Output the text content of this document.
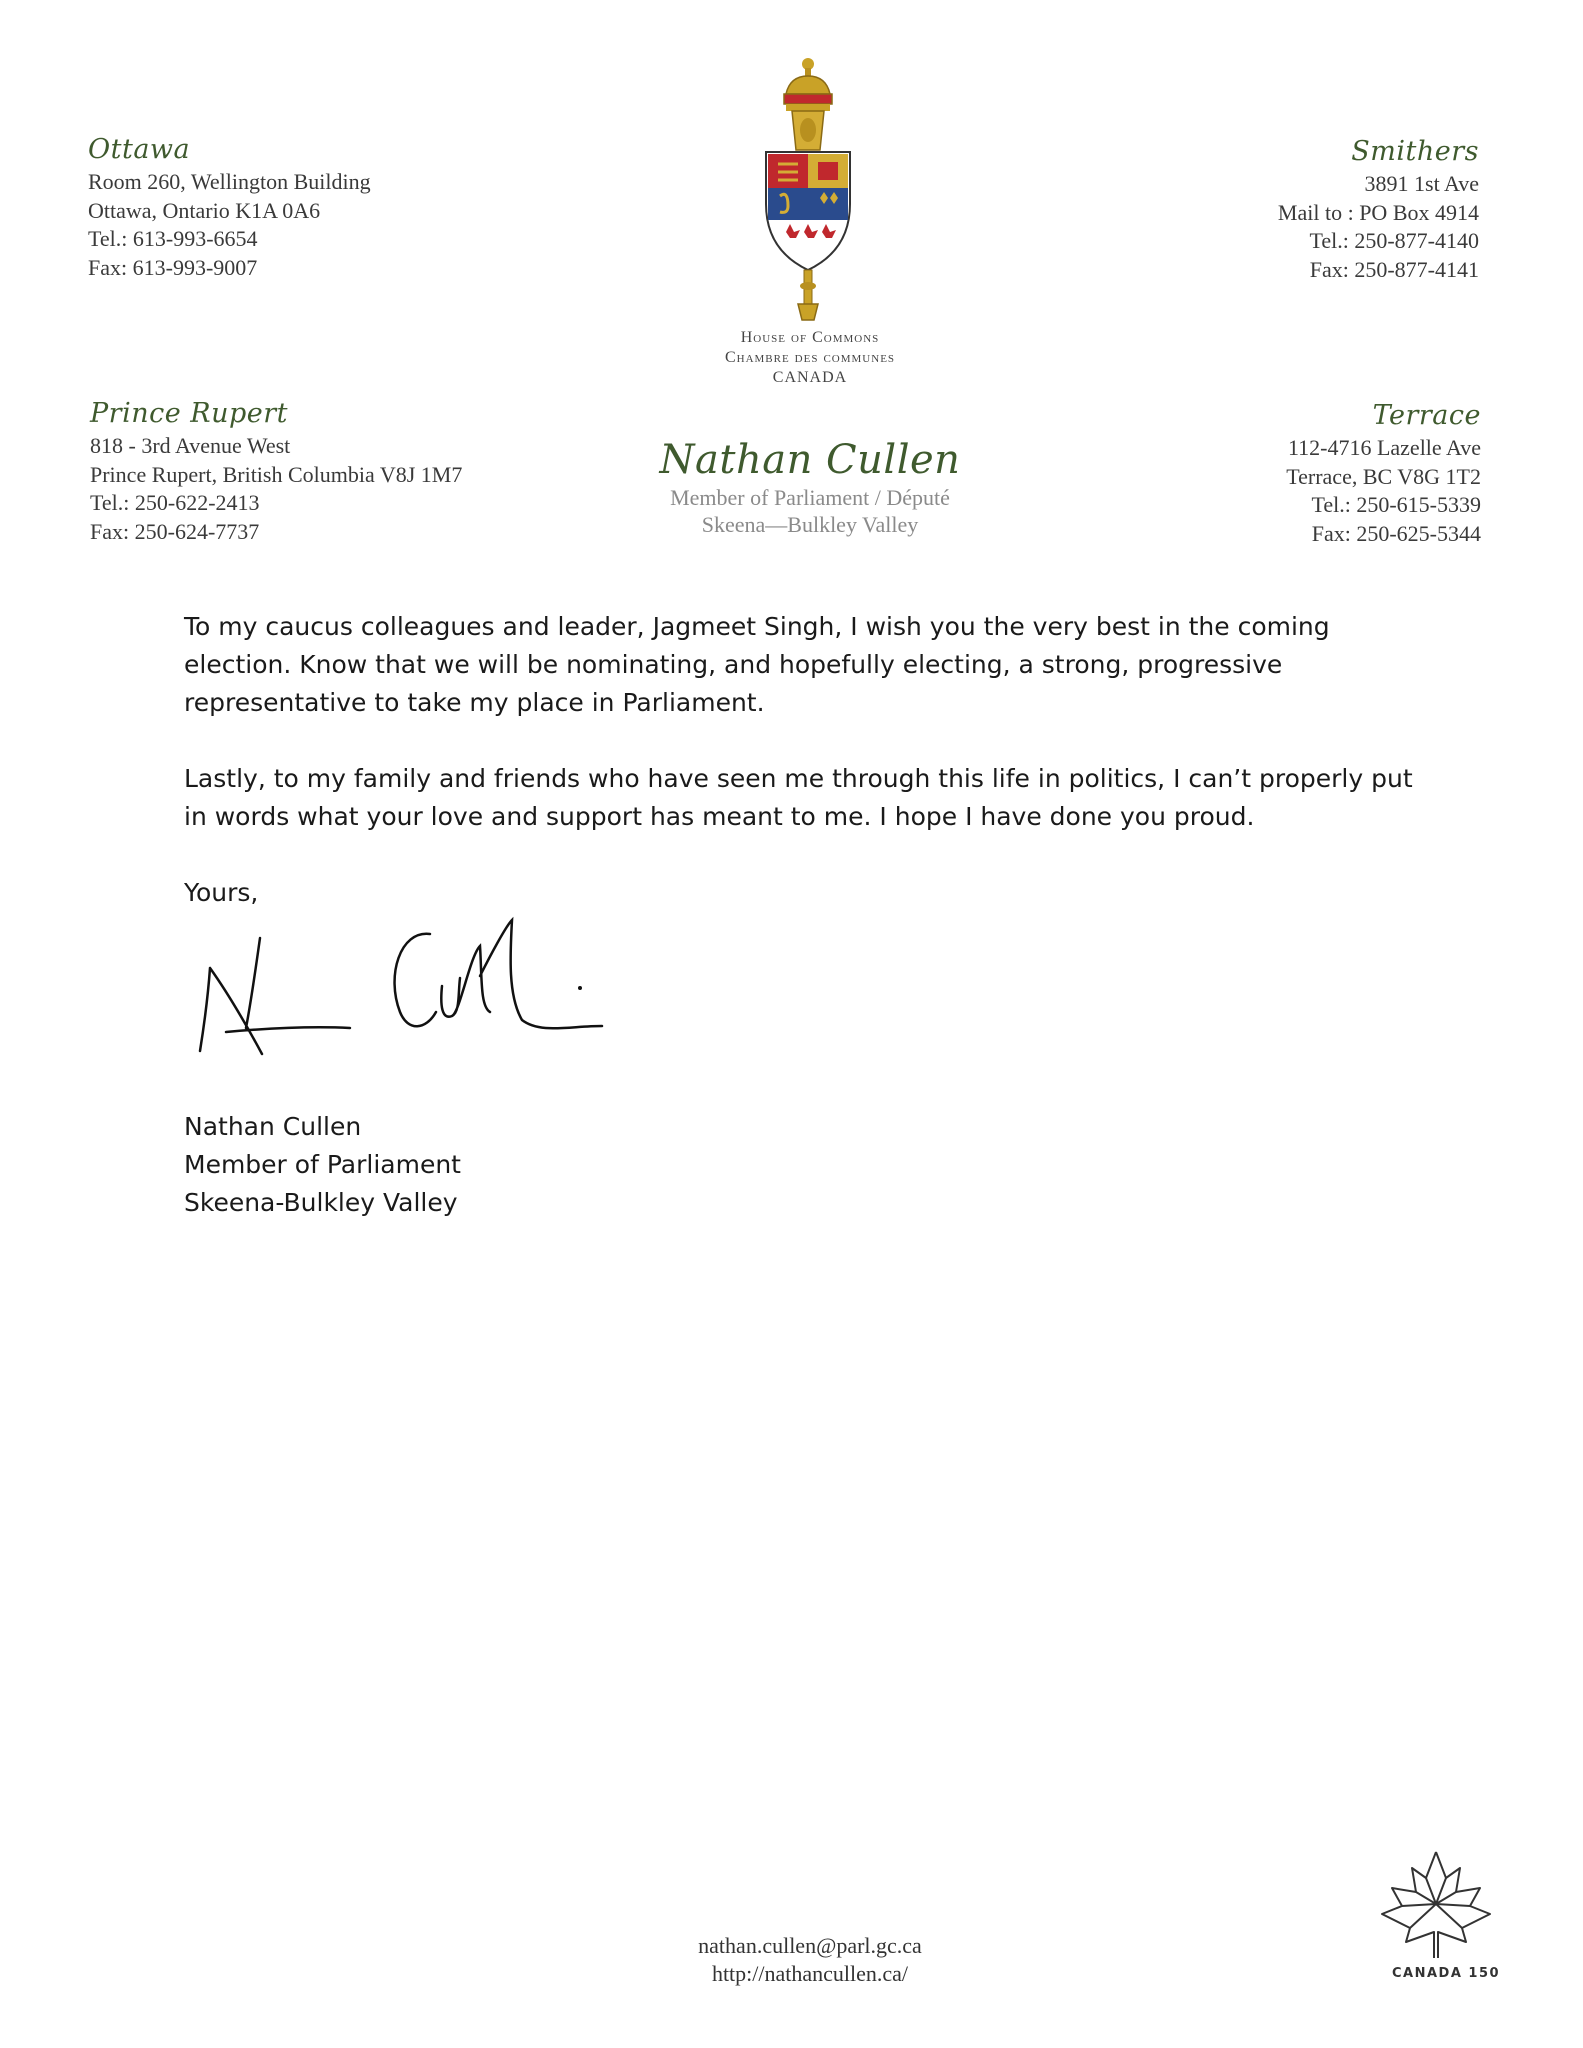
Ottawa
Room 260, Wellington Building
Ottawa, Ontario K1A 0A6
Tel.: 613-993-6654
Fax: 613-993-9007
Smithers
3891 1st Ave
Mail to : PO Box 4914
Tel.: 250-877-4140
Fax: 250-877-4141
Prince Rupert
818 - 3rd Avenue West
Prince Rupert, British Columbia V8J 1M7
Tel.: 250-622-2413
Fax: 250-624-7737
Terrace
112-4716 Lazelle Ave
Terrace, BC V8G 1T2
Tel.: 250-615-5339
Fax: 250-625-5344
House of Commons
Chambre des communes
CANADA
Nathan Cullen
Member of Parliament / Député
Skeena—Bulkley Valley

To my caucus colleagues and leader, Jagmeet Singh, I wish you the very best in the coming election. Know that we will be nominating, and hopefully electing, a strong, progressive representative to take my place in Parliament.

Lastly, to my family and friends who have seen me through this life in politics, I can’t properly put in words what your love and support has meant to me. I hope I have done you proud.

Yours,

Nathan Cullen
Member of Parliament
Skeena-Bulkley Valley
nathan.cullen@parl.gc.ca
http://nathancullen.ca/	CANADA 150
